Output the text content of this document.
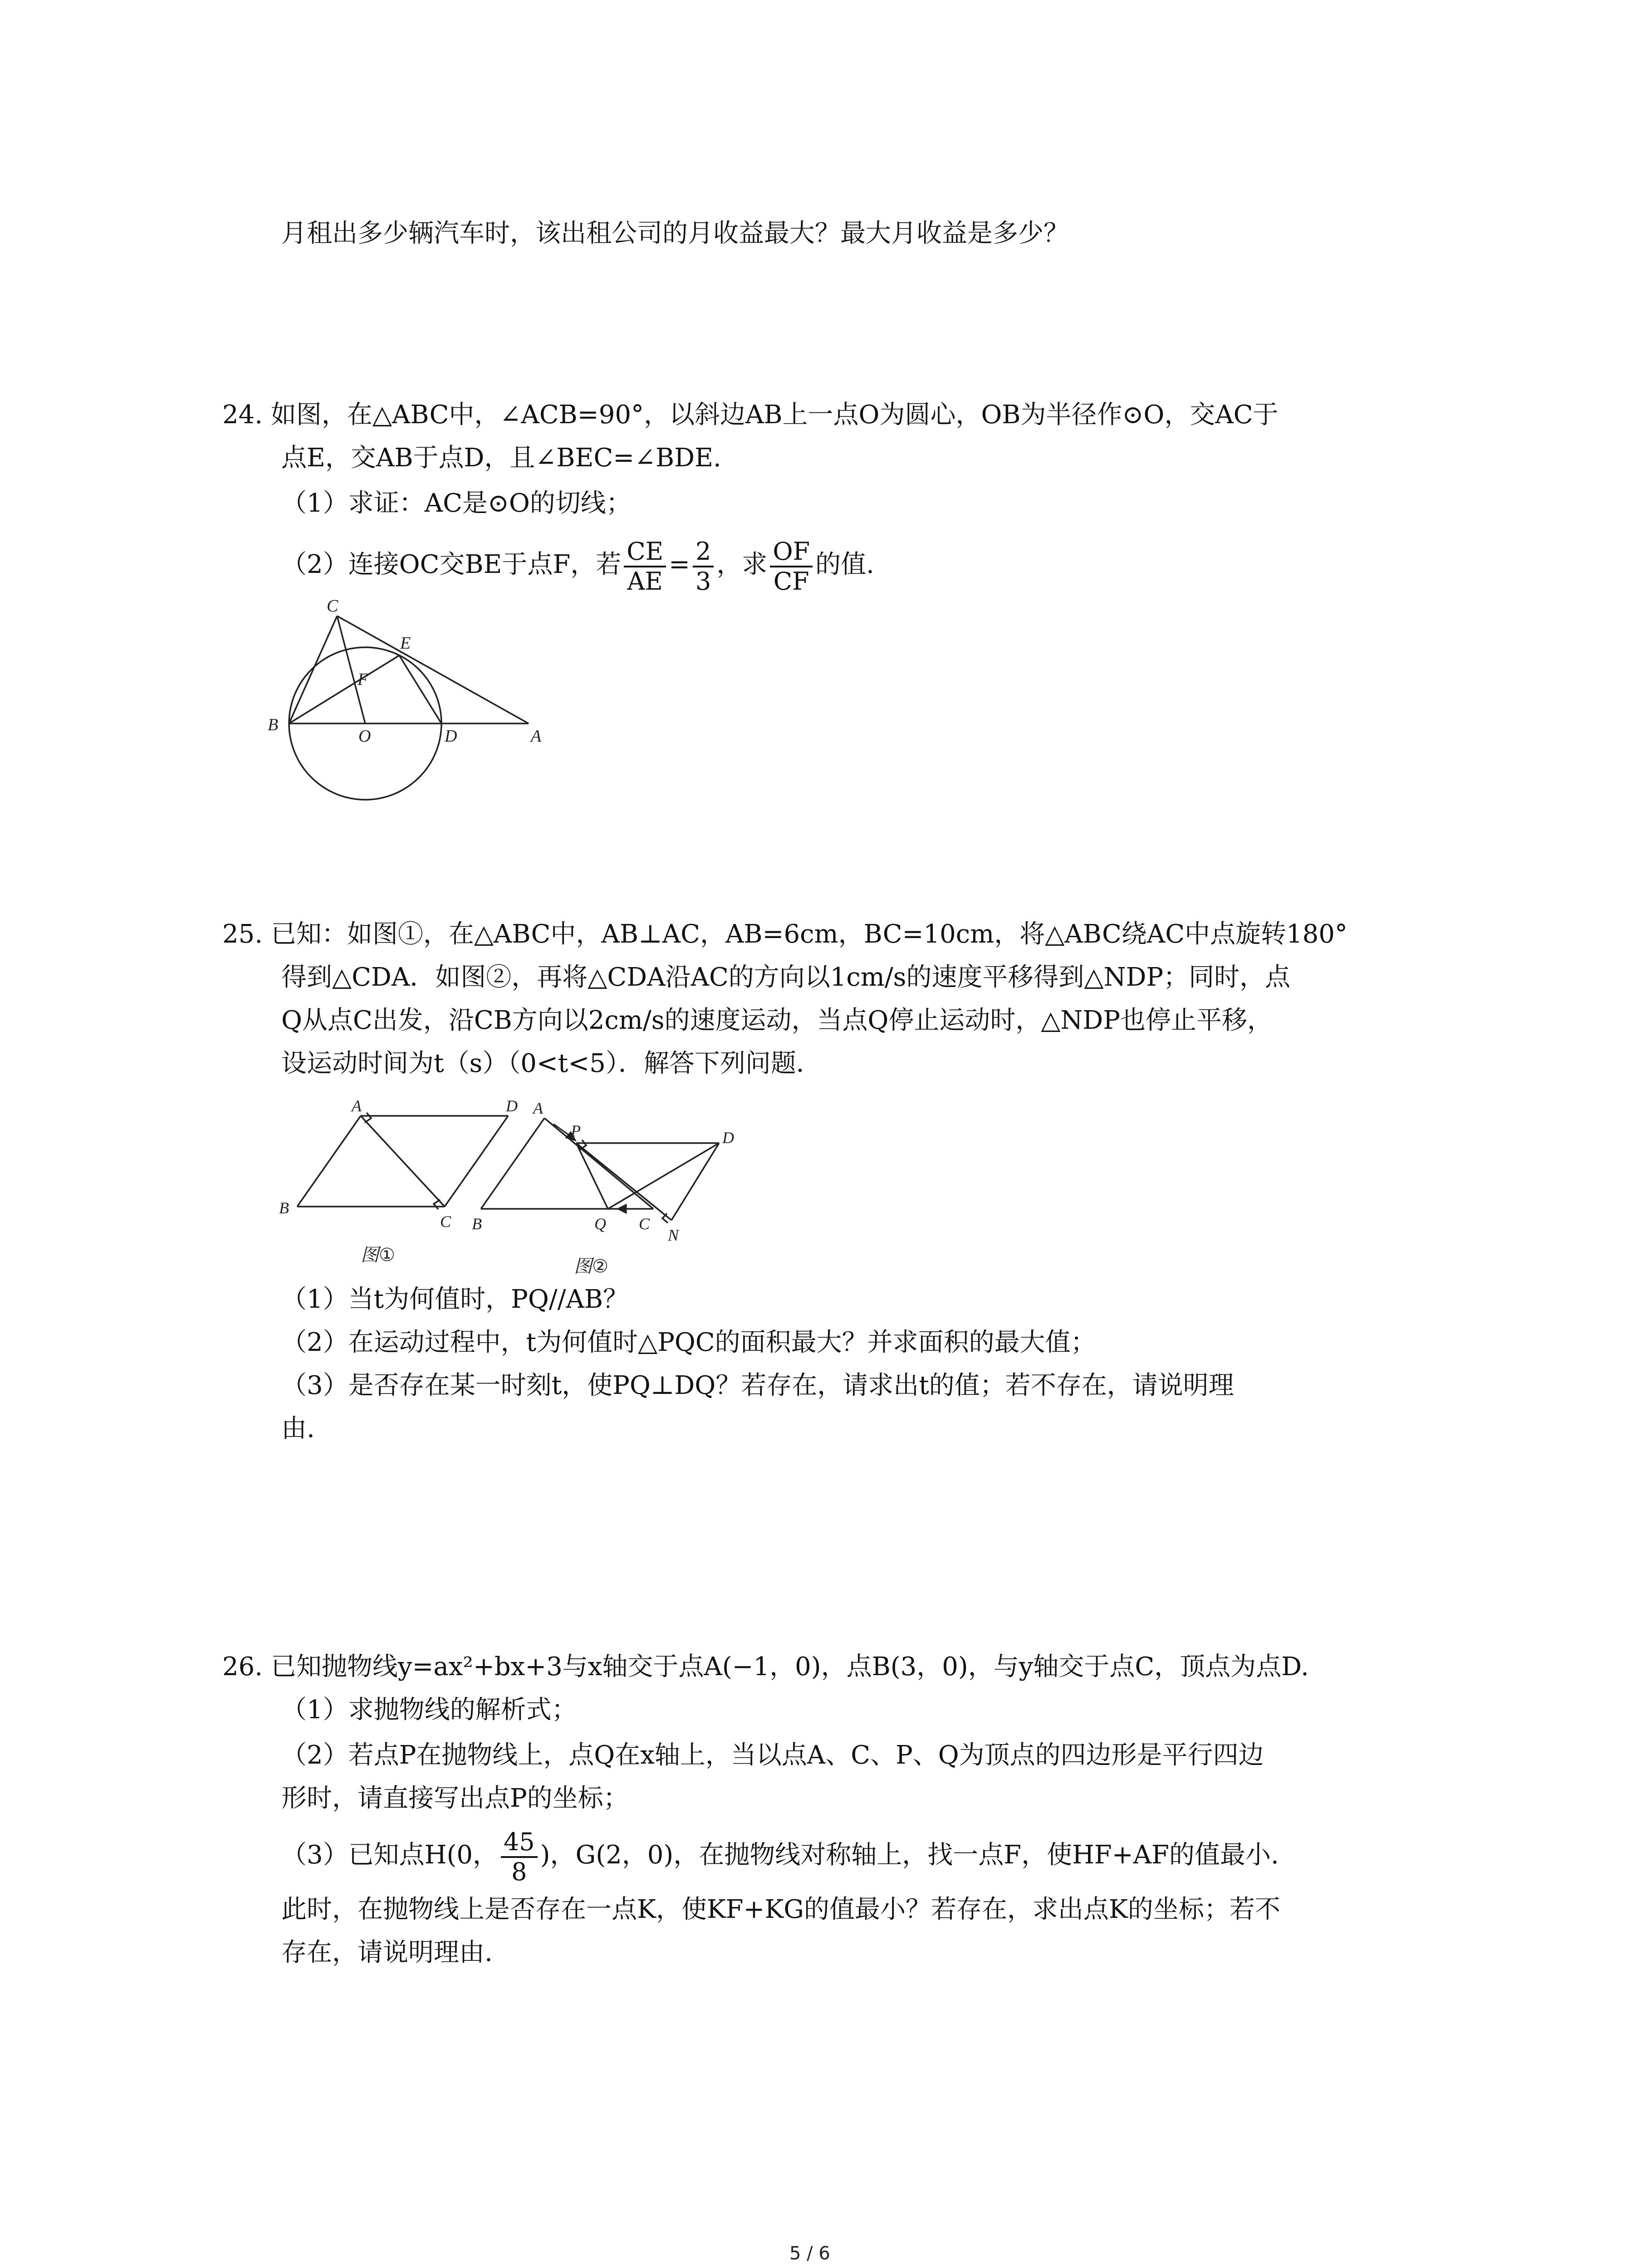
月租出多少辆汽车时，该出租公司的月收益最大？最大月收益是多少？
24. 如图，在△ABC中，∠ACB=90°，以斜边AB上一点O为圆心，OB为半径作⊙O，交AC于
点E，交AB于点D，且∠BEC=∠BDE.
（1）求证：AC是⊙O的切线；
（2）连接OC交BE于点F，若 $\frac{CE}{AE} = \frac{2}{3}$ ，求 $\frac{OF}{CF}$ 的值.
C
E
F
B
O	D	A
25. 已知：如图①，在△ABC中，AB⊥AC，AB=6cm，BC=10cm，将△ABC绕AC中点旋转180°
得到△CDA．如图②，再将△CDA沿AC的方向以1cm/s的速度平移得到△NDP；同时，点
Q从点C出发，沿CB方向以2cm/s的速度运动，当点Q停止运动时，△NDP也停止平移，
设运动时间为t（s）（0<t<5）．解答下列问题．
A	D
B
C
图①
A
P	D
B	Q C
N
图②
（1）当t为何值时，PQ//AB？
（2）在运动过程中，t为何值时△PQC的面积最大？并求面积的最大值；
（3）是否存在某一时刻t，使PQ⊥DQ？若存在，请求出t的值；若不存在，请说明理
由.
26. 已知抛物线y=ax²+bx+3与x轴交于点A(−1，0)，点B(3，0)，与y轴交于点C，顶点为点D.
（1）求抛物线的解析式；
（2）若点P在抛物线上，点Q在x轴上，当以点A、C、P、Q为顶点的四边形是平行四边
形时，请直接写出点P的坐标；
（3）已知点H(0， $\frac{45}{8}$ )，G(2，0)，在抛物线对称轴上，找一点F，使HF+AF的值最小.
此时，在抛物线上是否存在一点K，使KF+KG的值最小？若存在，求出点K的坐标；若不
存在，请说明理由.
5 / 6
